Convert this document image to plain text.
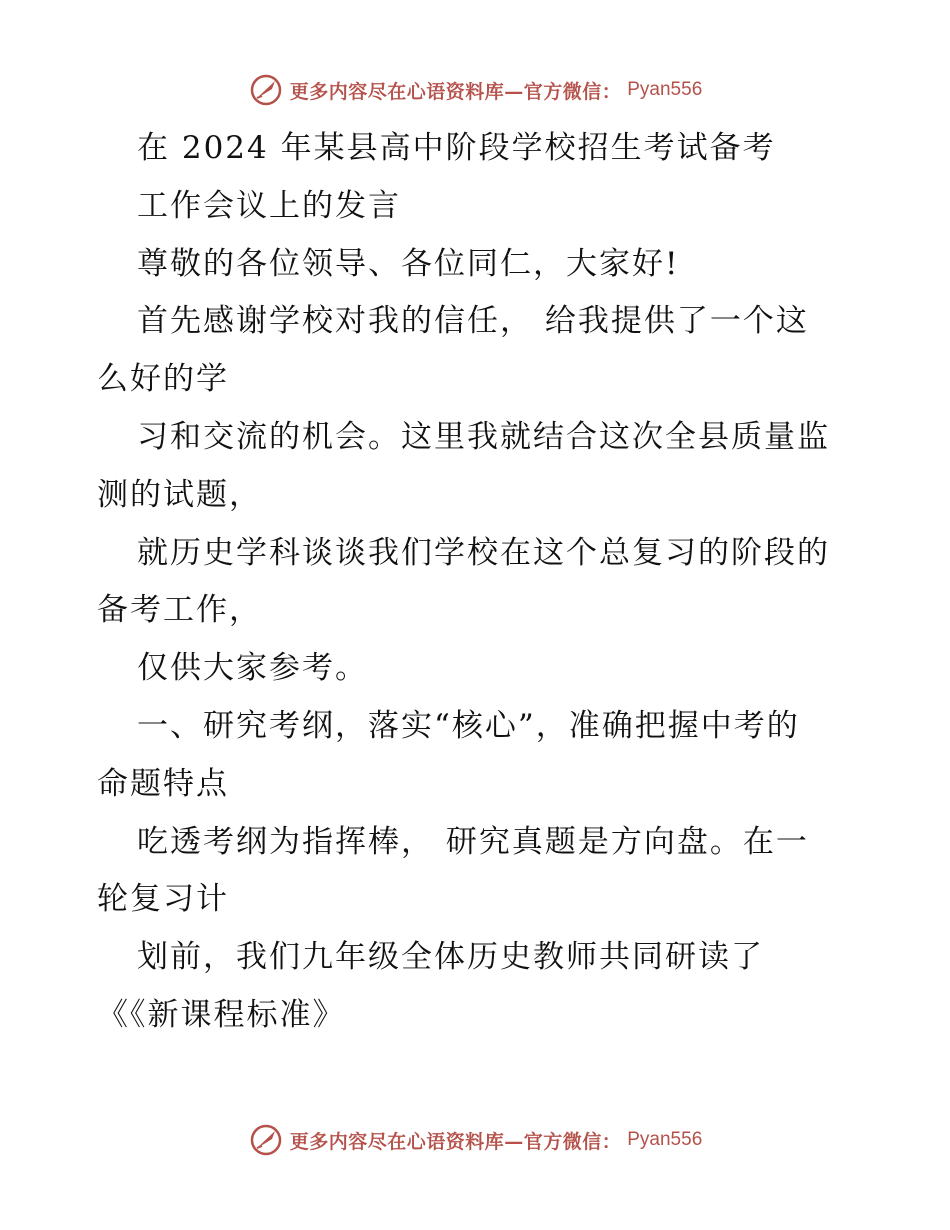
更多内容尽在心语资料库—官方微信： Pyan556
在 2024 年某县高中阶段学校招生考试备考
工作会议上的发言
尊敬的各位领导、各位同仁，大家好!
首先感谢学校对我的信任， 给我提供了一个这
么好的学
习和交流的机会。这里我就结合这次全县质量监
测的试题，
就历史学科谈谈我们学校在这个总复习的阶段的
备考工作，
仅供大家参考。
一、研究考纲，落实“核心”，准确把握中考的
命题特点
吃透考纲为指挥棒， 研究真题是方向盘。在一
轮复习计
划前，我们九年级全体历史教师共同研读了
《《新课程标准》
更多内容尽在心语资料库—官方微信： Pyan556
